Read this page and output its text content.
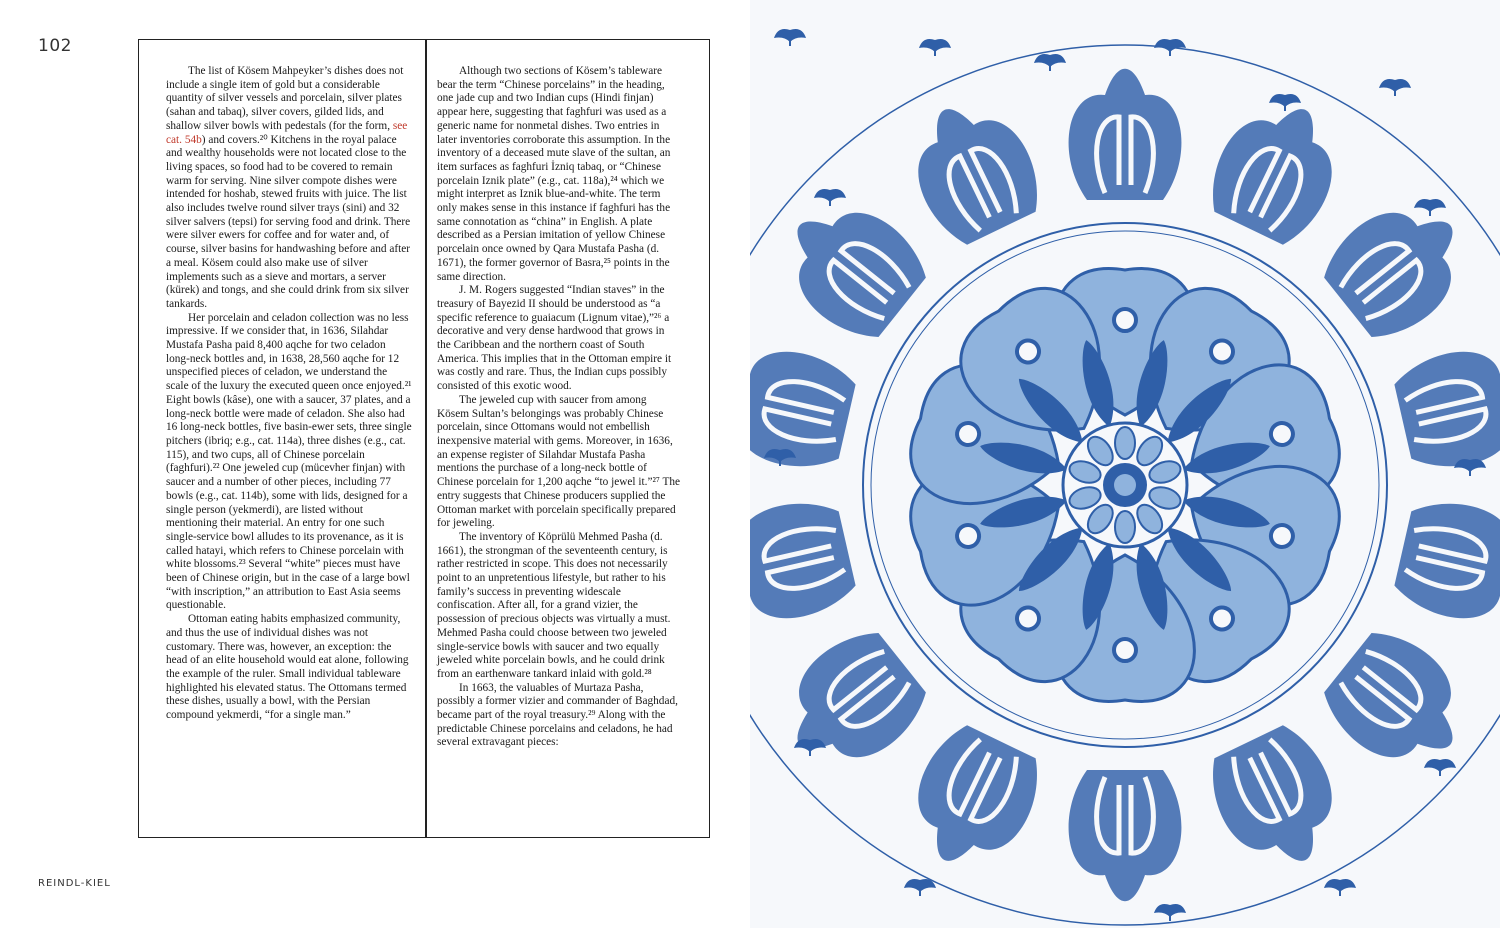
102

The list of Kösem Mahpeyker’s dishes does not include a single item of gold but a considerable quantity of silver vessels and porcelain, silver plates (sahan and tabaq), silver covers, gilded lids, and shallow silver bowls with pedestals (for the form, see cat. 54b) and covers.²⁰ Kitchens in the royal palace and wealthy households were not located close to the living spaces, so food had to be covered to remain warm for serving. Nine silver compote dishes were intended for hoshab, stewed fruits with juice. The list also includes twelve round silver trays (sini) and 32 silver salvers (tepsi) for serving food and drink. There were silver ewers for coffee and for water and, of course, silver basins for handwashing before and after a meal. Kösem could also make use of silver implements such as a sieve and mortars, a server (kürek) and tongs, and she could drink from six silver tankards.

Her porcelain and celadon collection was no less impressive. If we consider that, in 1636, Silahdar Mustafa Pasha paid 8,400 aqche for two celadon long-neck bottles and, in 1638, 28,560 aqche for 12 unspecified pieces of celadon, we understand the scale of the luxury the executed queen once enjoyed.²¹ Eight bowls (kâse), one with a saucer, 37 plates, and a long-neck bottle were made of celadon. She also had 16 long-neck bottles, five basin-ewer sets, three single pitchers (ibriq; e.g., cat. 114a), three dishes (e.g., cat. 115), and two cups, all of Chinese porcelain (faghfuri).²² One jeweled cup (mücevher finjan) with saucer and a number of other pieces, including 77 bowls (e.g., cat. 114b), some with lids, designed for a single person (yekmerdi), are listed without mentioning their material. An entry for one such single-service bowl alludes to its provenance, as it is called hatayi, which refers to Chinese porcelain with white blossoms.²³ Several “white” pieces must have been of Chinese origin, but in the case of a large bowl “with inscription,” an attribution to East Asia seems questionable.

Ottoman eating habits emphasized community, and thus the use of individual dishes was not customary. There was, however, an exception: the head of an elite household would eat alone, following the example of the ruler. Small individual tableware highlighted his elevated status. The Ottomans termed these dishes, usually a bowl, with the Persian compound yekmerdi, “for a single man.”

Although two sections of Kösem’s tableware bear the term “Chinese porcelains” in the heading, one jade cup and two Indian cups (Hindi finjan) appear here, suggesting that faghfuri was used as a generic name for nonmetal dishes. Two entries in later inventories corroborate this assumption. In the inventory of a deceased mute slave of the sultan, an item surfaces as faghfuri İzniq tabaq, or “Chinese porcelain Iznik plate” (e.g., cat. 118a),²⁴ which we might interpret as Iznik blue-and-white. The term only makes sense in this instance if faghfuri has the same connotation as “china” in English. A plate described as a Persian imitation of yellow Chinese porcelain once owned by Qara Mustafa Pasha (d. 1671), the former governor of Basra,²⁵ points in the same direction.

J. M. Rogers suggested “Indian staves” in the treasury of Bayezid II should be understood as “a specific reference to guaiacum (Lignum vitae),”²⁶ a decorative and very dense hardwood that grows in the Caribbean and the northern coast of South America. This implies that in the Ottoman empire it was costly and rare. Thus, the Indian cups possibly consisted of this exotic wood.

The jeweled cup with saucer from among Kösem Sultan’s belongings was probably Chinese porcelain, since Ottomans would not embellish inexpensive material with gems. Moreover, in 1636, an expense register of Silahdar Mustafa Pasha mentions the purchase of a long-neck bottle of Chinese porcelain for 1,200 aqche “to jewel it.”²⁷ The entry suggests that Chinese producers supplied the Ottoman market with porcelain specifically prepared for jeweling.

The inventory of Köprülü Mehmed Pasha (d. 1661), the strongman of the seventeenth century, is rather restricted in scope. This does not necessarily point to an unpretentious lifestyle, but rather to his family’s success in preventing widescale confiscation. After all, for a grand vizier, the possession of precious objects was virtually a must. Mehmed Pasha could choose between two jeweled single-service bowls with saucer and two equally jeweled white porcelain bowls, and he could drink from an earthenware tankard inlaid with gold.²⁸

In 1663, the valuables of Murtaza Pasha, possibly a former vizier and commander of Baghdad, became part of the royal treasury.²⁹ Along with the predictable Chinese porcelains and celadons, he had several extravagant pieces:

REINDL-KIEL
